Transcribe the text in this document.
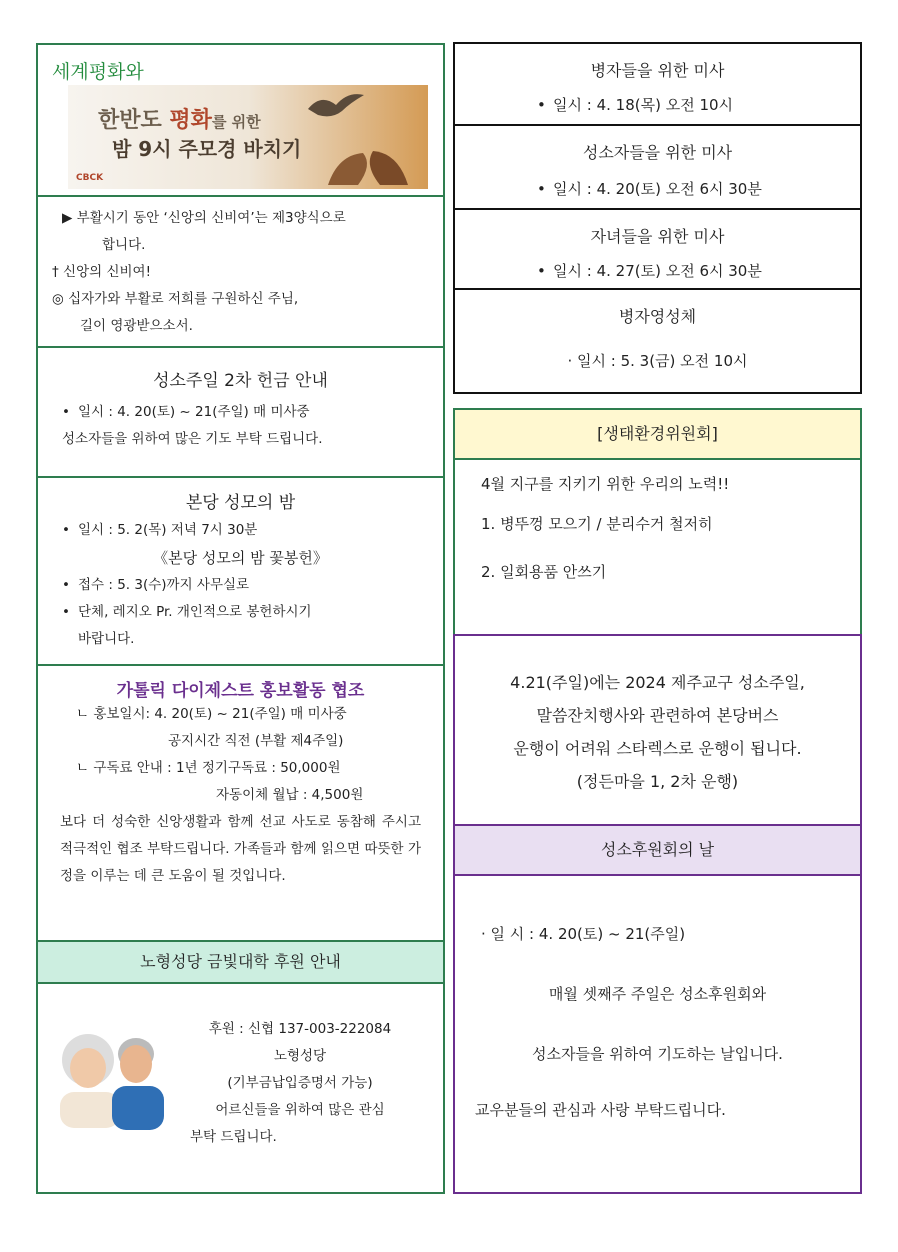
세계평화와
한반도 평화를 위한
밤 9시 주모경 바치기
CBCK

▶ 부활시기 동안 ‘신앙의 신비여’는 제3양식으로

합니다.

† 신앙의 신비여!

◎ 십자가와 부활로 저희를 구원하신 주님,

길이 영광받으소서.

성소주일 2차 헌금 안내
• 일시 : 4. 20(토) ~ 21(주일) 매 미사중

성소자들을 위하여 많은 기도 부탁 드립니다.

본당 성모의 밤
• 일시 : 5. 2(목) 저녁 7시 30분
《본당 성모의 밤 꽃봉헌》
• 접수 : 5. 3(수)까지 사무실로
• 단체, 레지오 Pr. 개인적으로 봉헌하시기

바랍니다.

가톨릭 다이제스트 홍보활동 협조

ㄴ 홍보일시: 4. 20(토) ~ 21(주일) 매 미사중

공지시간 직전 (부활 제4주일)

ㄴ 구독료 안내 : 1년 정기구독료 : 50,000원

자동이체 월납 : 4,500원

보다 더 성숙한 신앙생활과 함께 선교 사도로 동참해 주시고 적극적인 협조 부탁드립니다. 가족들과 함께 읽으면 따뜻한 가정을 이루는 데 큰 도움이 될 것입니다.

노형성당 금빛대학 후원 안내

후원 : 신협 137-003-222084

노형성당

(기부금납입증명서 가능)

어르신들을 위하여 많은 관심

부탁 드립니다.

병자들을 위한 미사
• 일시 : 4. 18(목) 오전 10시
성소자들을 위한 미사
• 일시 : 4. 20(토) 오전 6시 30분
자녀들을 위한 미사
• 일시 : 4. 27(토) 오전 6시 30분
병자영성체
· 일시 : 5. 3(금) 오전 10시
[생태환경위원회]

4월 지구를 지키기 위한 우리의 노력!!

1. 병뚜껑 모으기 / 분리수거 철저히

2. 일회용품 안쓰기

4.21(주일)에는 2024 제주교구 성소주일,

말씀잔치행사와 관련하여 본당버스

운행이 어려워 스타렉스로 운행이 됩니다.

(정든마을 1, 2차 운행)

성소후원회의 날

· 일 시 : 4. 20(토) ~ 21(주일)

매월 셋째주 주일은 성소후원회와

성소자들을 위하여 기도하는 날입니다.

교우분들의 관심과 사랑 부탁드립니다.
